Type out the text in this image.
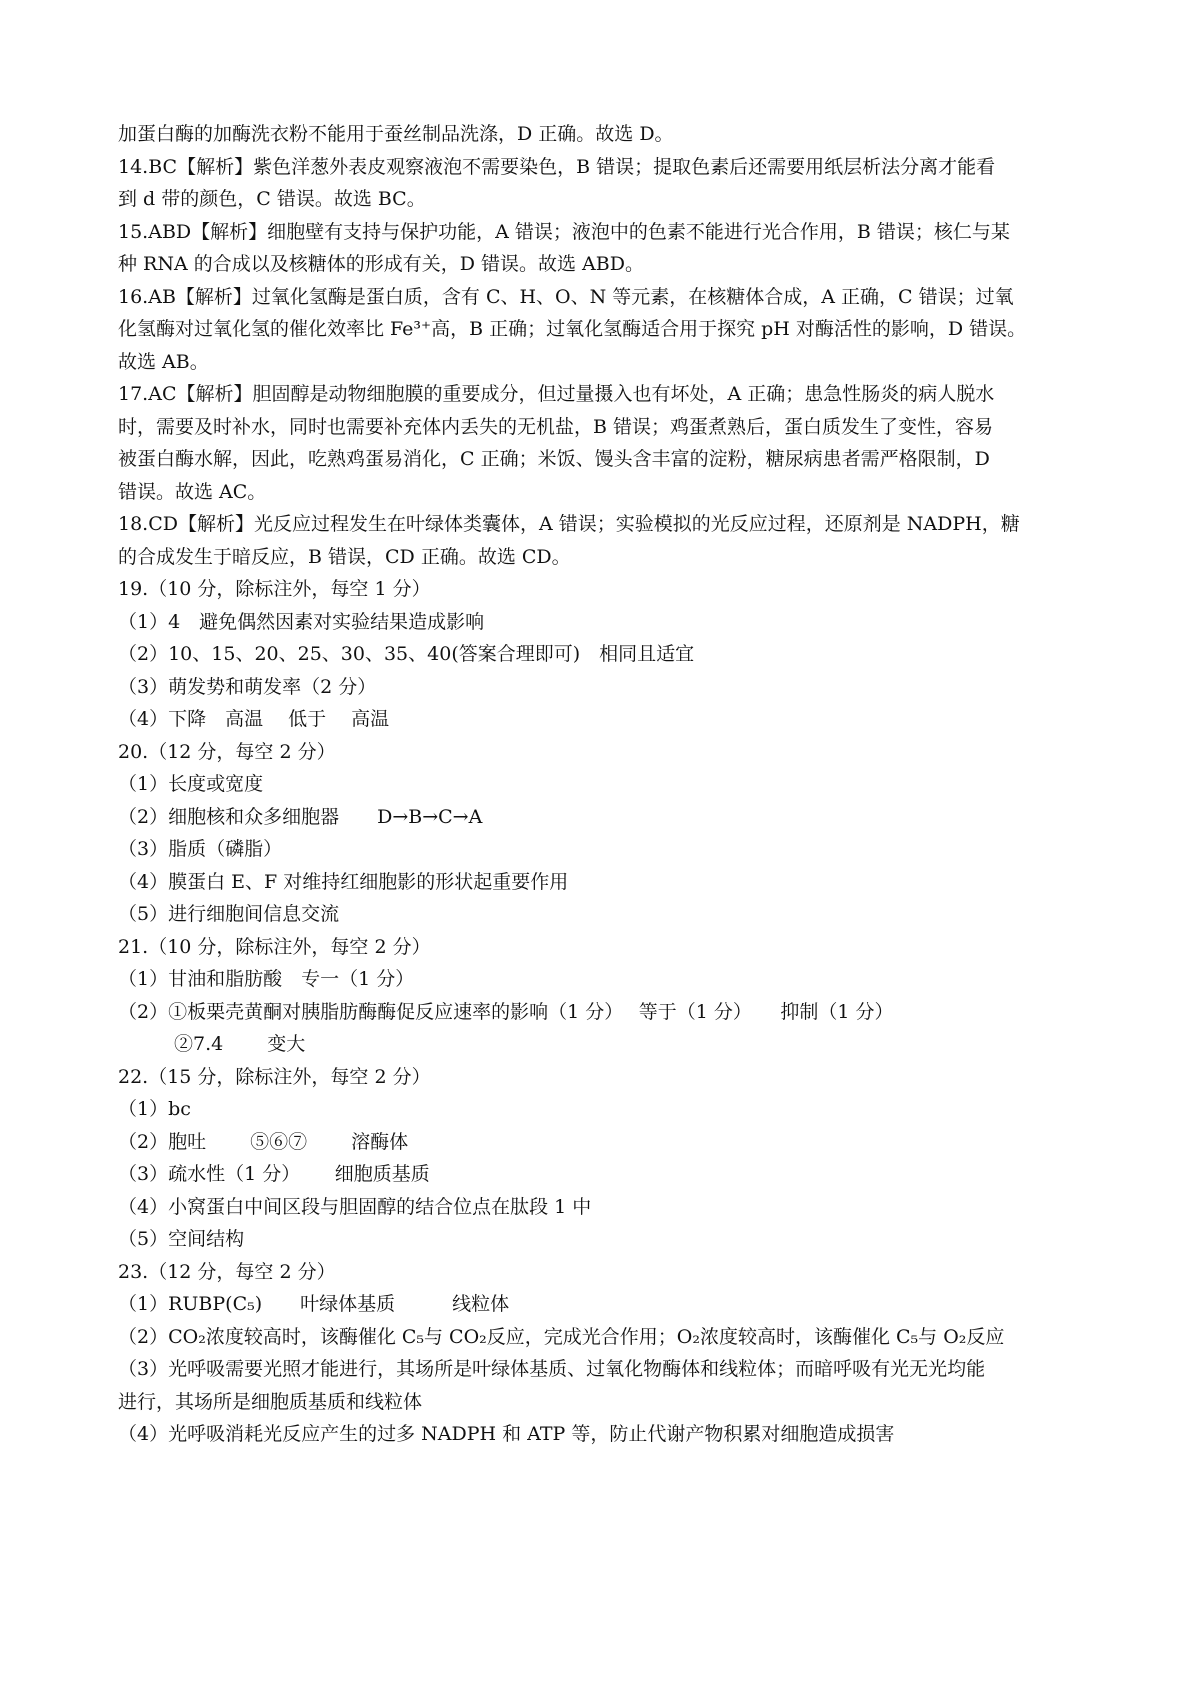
加蛋白酶的加酶洗衣粉不能用于蚕丝制品洗涤，D 正确。故选 D。
14.BC【解析】紫色洋葱外表皮观察液泡不需要染色，B 错误；提取色素后还需要用纸层析法分离才能看
到 d 带的颜色，C 错误。故选 BC。
15.ABD【解析】细胞壁有支持与保护功能，A 错误；液泡中的色素不能进行光合作用，B 错误；核仁与某
种 RNA 的合成以及核糖体的形成有关，D 错误。故选 ABD。
16.AB【解析】过氧化氢酶是蛋白质，含有 C、H、O、N 等元素，在核糖体合成，A 正确，C 错误；过氧
化氢酶对过氧化氢的催化效率比 Fe³⁺高，B 正确；过氧化氢酶适合用于探究 pH 对酶活性的影响，D 错误。
故选 AB。
17.AC【解析】胆固醇是动物细胞膜的重要成分，但过量摄入也有坏处，A 正确；患急性肠炎的病人脱水
时，需要及时补水，同时也需要补充体内丢失的无机盐，B 错误；鸡蛋煮熟后，蛋白质发生了变性，容易
被蛋白酶水解，因此，吃熟鸡蛋易消化，C 正确；米饭、馒头含丰富的淀粉，糖尿病患者需严格限制，D
错误。故选 AC。
18.CD【解析】光反应过程发生在叶绿体类囊体，A 错误；实验模拟的光反应过程，还原剂是 NADPH，糖
的合成发生于暗反应，B 错误，CD 正确。故选 CD。
19.（10 分，除标注外，每空 1 分）
（1）4　避免偶然因素对实验结果造成影响
（2）10、15、20、25、30、35、40(答案合理即可)　相同且适宜
（3）萌发势和萌发率（2 分）
（4）下降　高温　 低于　 高温
20.（12 分，每空 2 分）
（1）长度或宽度
（2）细胞核和众多细胞器　　D→B→C→A
（3）脂质（磷脂）
（4）膜蛋白 E、F 对维持红细胞影的形状起重要作用
（5）进行细胞间信息交流
21.（10 分，除标注外，每空 2 分）
（1）甘油和脂肪酸　专一（1 分）
（2）①板栗壳黄酮对胰脂肪酶酶促反应速率的影响（1 分）　 等于（1 分）　　抑制（1 分）
②7.4　　 变大
22.（15 分，除标注外，每空 2 分）
（1）bc
（2）胞吐　　 ⑤⑥⑦　　 溶酶体
（3）疏水性（1 分）　　 细胞质基质
（4）小窝蛋白中间区段与胆固醇的结合位点在肽段 1 中
（5）空间结构
23.（12 分，每空 2 分）
（1）RUBP(C₅)　　叶绿体基质　　　线粒体
（2）CO₂浓度较高时，该酶催化 C₅与 CO₂反应，完成光合作用；O₂浓度较高时，该酶催化 C₅与 O₂反应
（3）光呼吸需要光照才能进行，其场所是叶绿体基质、过氧化物酶体和线粒体；而暗呼吸有光无光均能
进行，其场所是细胞质基质和线粒体
（4）光呼吸消耗光反应产生的过多 NADPH 和 ATP 等，防止代谢产物积累对细胞造成损害
